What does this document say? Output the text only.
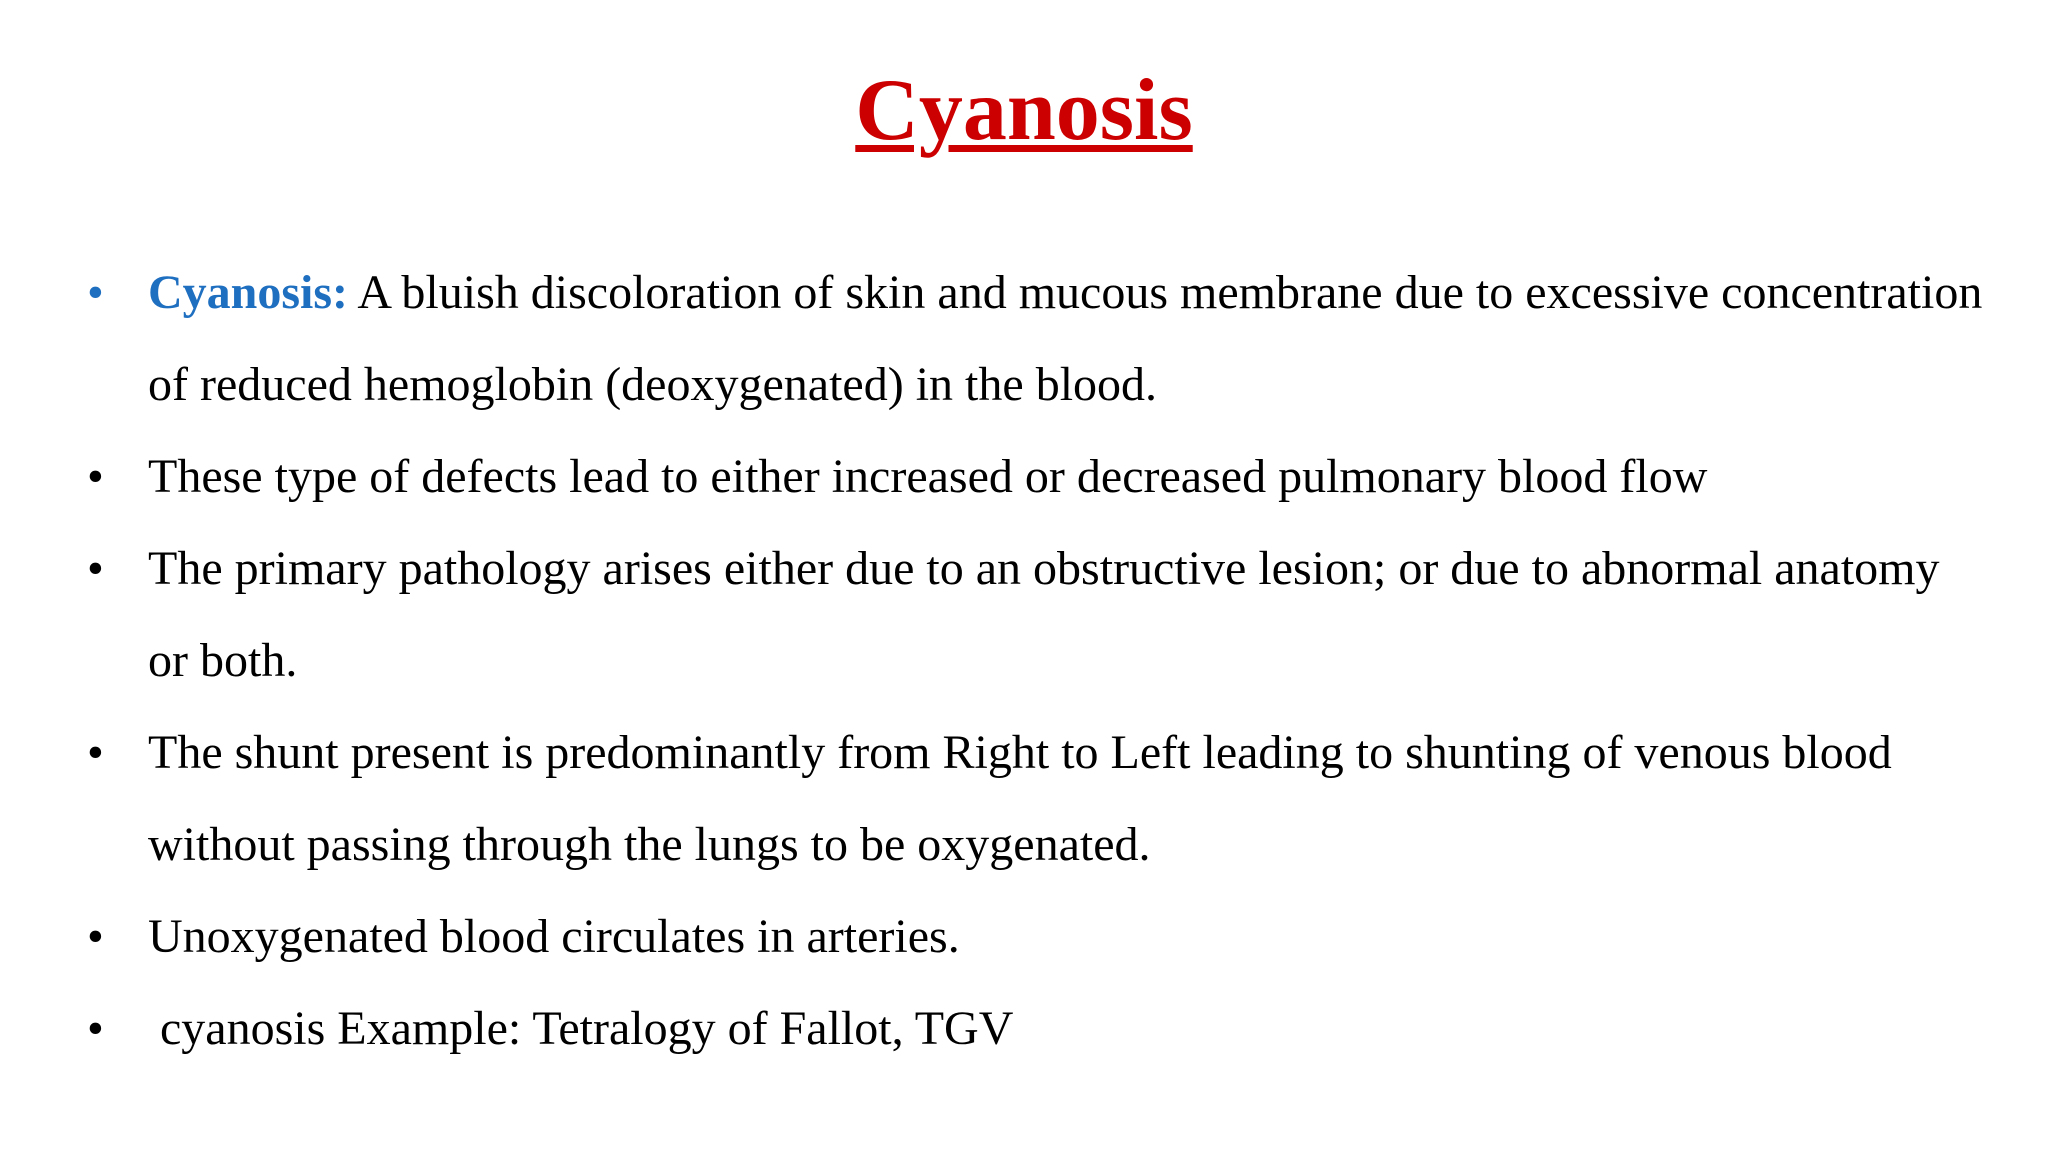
Cyanosis
• Cyanosis: A bluish discoloration of skin and mucous membrane due to excessive concentration of reduced hemoglobin (deoxygenated) in the blood.
• These type of defects lead to either increased or decreased pulmonary blood flow
• The primary pathology arises either due to an obstructive lesion; or due to abnormal anatomy or both.
• The shunt present is predominantly from Right to Left leading to shunting of venous blood without passing through the lungs to be oxygenated.
• Unoxygenated blood circulates in arteries.
• cyanosis Example: Tetralogy of Fallot, TGV
